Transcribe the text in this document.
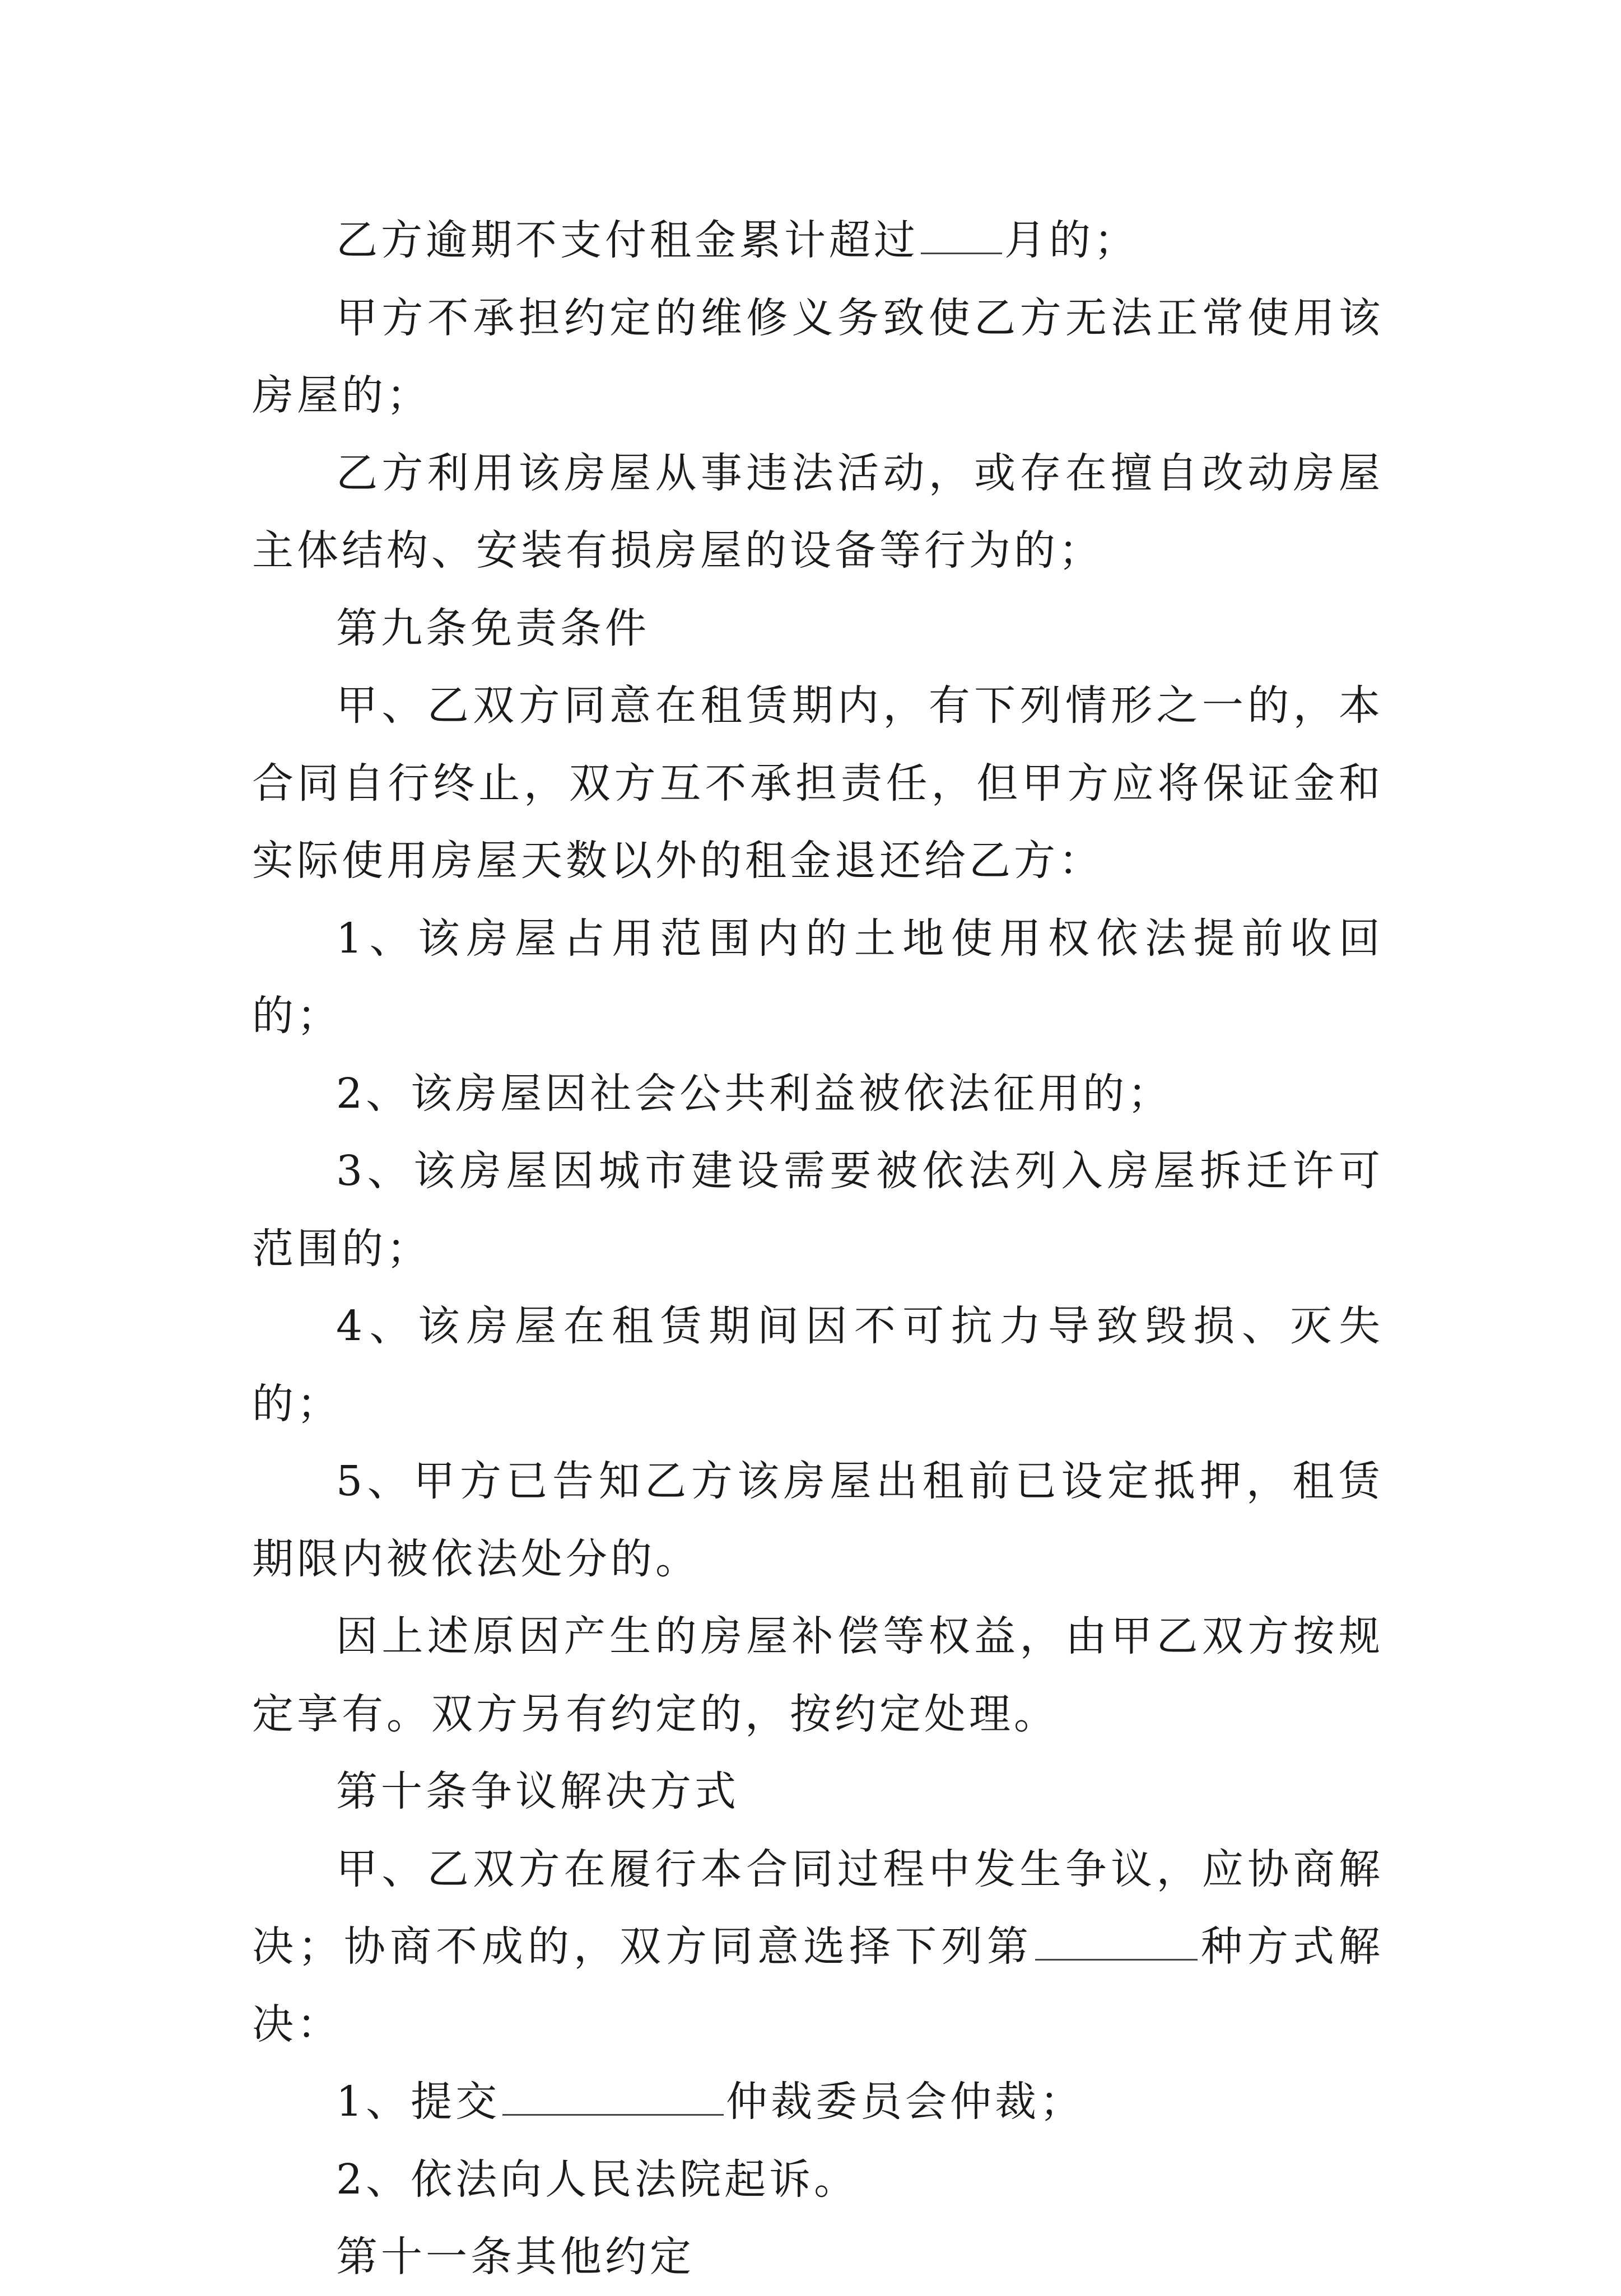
乙方逾期不支付租金累计超过 月的；

甲方不承担约定的维修义务致使乙方无法正常使用该房屋的；

乙方利用该房屋从事违法活动，或存在擅自改动房屋主体结构、安装有损房屋的设备等行为的；

第九条免责条件

甲、乙双方同意在租赁期内，有下列情形之一的，本合同自行终止，双方互不承担责任，但甲方应将保证金和实际使用房屋天数以外的租金退还给乙方：

1、该房屋占用范围内的土地使用权依法提前收回的；

2、该房屋因社会公共利益被依法征用的；

3、该房屋因城市建设需要被依法列入房屋拆迁许可范围的；

4、该房屋在租赁期间因不可抗力导致毁损、灭失的；

5、甲方已告知乙方该房屋出租前已设定抵押，租赁期限内被依法处分的。

因上述原因产生的房屋补偿等权益，由甲乙双方按规定享有。双方另有约定的，按约定处理。

第十条争议解决方式

甲、乙双方在履行本合同过程中发生争议，应协商解决；协商不成的，双方同意选择下列第	种方式解决：

1、提交	仲裁委员会仲裁；

2、依法向人民法院起诉。

第十一条其他约定
